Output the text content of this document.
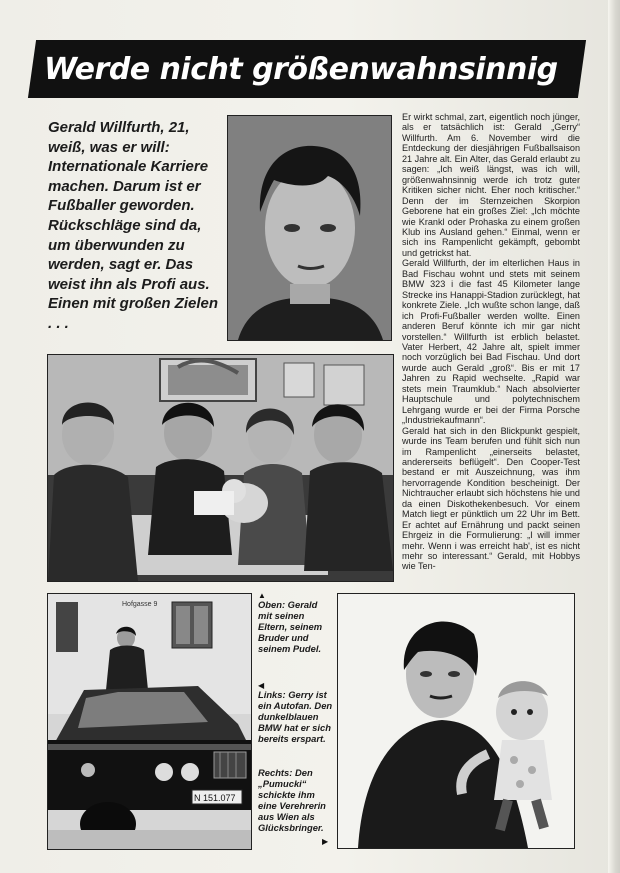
Werde nicht größenwahnsinnig

Gerald Willfurth, 21, weiß, was er will: Internationale Karriere machen. Darum ist er Fußballer geworden. Rückschläge sind da, um überwunden zu werden, sagt er. Das weist ihn als Profi aus. Einen mit großen Zielen . . .

Hofgasse 9
N 151.077
▲
Oben: Gerald mit seinen Eltern, seinem Bruder und seinem Pudel.
◀
Links: Gerry ist ein Autofan. Den dunkelblauen BMW hat er sich bereits erspart.
Rechts: Den „Pumucki“ schickte ihm eine Verehrerin aus Wien als Glücksbringer.
▶

Er wirkt schmal, zart, eigentlich noch jünger, als er tatsächlich ist: Gerald „Gerry“ Willfurth. Am 6. November wird die Entdeckung der diesjährigen Fußballsaison 21 Jahre alt. Ein Alter, das Gerald erlaubt zu sagen: „Ich weiß längst, was ich will, größenwahnsinnig werde ich trotz guter Kritiken sicher nicht. Eher noch kritischer.“ Denn der im Sternzeichen Skorpion Geborene hat ein großes Ziel: „Ich möchte wie Krankl oder Prohaska zu einem großen Klub ins Ausland gehen.“ Einmal, wenn er sich ins Rampenlicht gekämpft, gebombt und getrickst hat.

Gerald Willfurth, der im elterlichen Haus in Bad Fischau wohnt und stets mit seinem BMW 323 i die fast 45 Kilometer lange Strecke ins Hanappi-Stadion zurücklegt, hat konkrete Ziele. „Ich wußte schon lange, daß ich Profi-Fußballer werden wollte. Einen anderen Beruf könnte ich mir gar nicht vorstellen.“ Willfurth ist erblich belastet. Vater Herbert, 42 Jahre alt, spielt immer noch vorzüglich bei Bad Fischau. Und dort wurde auch Gerald „groß“. Bis er mit 17 Jahren zu Rapid wechselte. „Rapid war stets mein Traumklub.“ Nach absolvierter Hauptschule und polytechnischem Lehrgang wurde er bei der Firma Porsche „Industriekaufmann“.

Gerald hat sich in den Blickpunkt gespielt, wurde ins Team berufen und fühlt sich nun im Rampenlicht „einerseits belastet, andererseits beflügelt“. Den Cooper-Test bestand er mit Auszeichnung, was ihm hervorragende Kondition bescheinigt. Der Nichtraucher erlaubt sich höchstens hie und da einen Diskothekenbesuch. Vor einem Match liegt er pünktlich um 22 Uhr im Bett. Er achtet auf Ernährung und packt seinen Ehrgeiz in die Formulierung: „I will immer mehr. Wenn i was erreicht hab', ist es nicht mehr so interessant.“ Gerald, mit Hobbys wie Ten-
